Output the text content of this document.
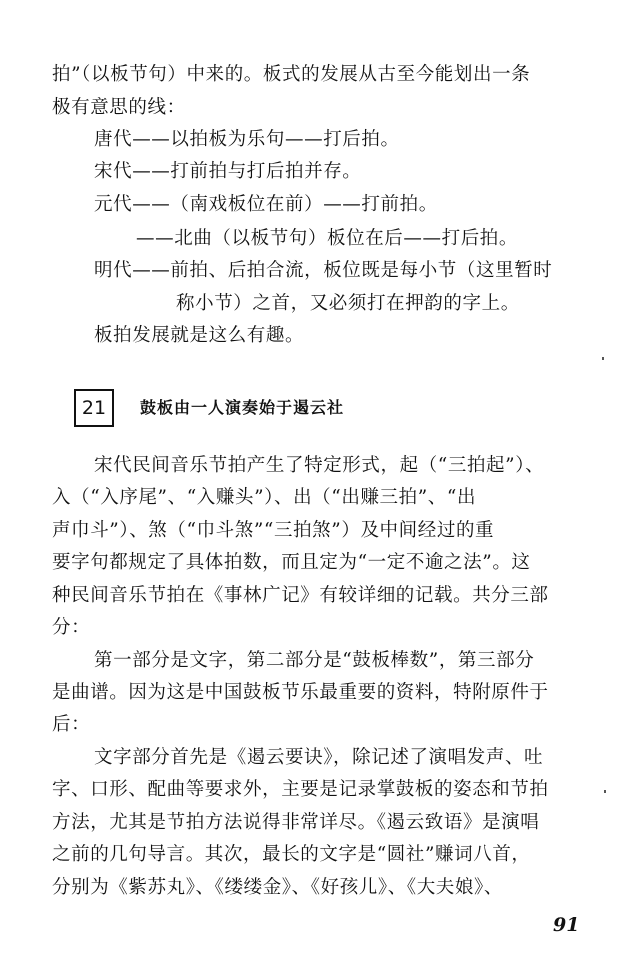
拍”（以板节句）中来的。板式的发展从古至今能划出一条
极有意思的线：
唐代——以拍板为乐句——打后拍。
宋代——打前拍与打后拍并存。
元代——（南戏板位在前）——打前拍。
——北曲（以板节句）板位在后——打后拍。
明代——前拍、后拍合流，板位既是每小节（这里暂时
称小节）之首，又必须打在押韵的字上。
板拍发展就是这么有趣。
21	鼓板由一人演奏始于遏云社
宋代民间音乐节拍产生了特定形式，起（“三拍起”）、
入（“入序尾”、“入赚头”）、出（“出赚三拍”、“出
声巾斗”）、煞（“巾斗煞”“三拍煞”）及中间经过的重
要字句都规定了具体拍数，而且定为“一定不逾之法”。这
种民间音乐节拍在《事林广记》有较详细的记载。共分三部
分：
第一部分是文字，第二部分是“鼓板棒数”，第三部分
是曲谱。因为这是中国鼓板节乐最重要的资料，特附原件于
后：
文字部分首先是《遏云要诀》，除记述了演唱发声、吐
字、口形、配曲等要求外，主要是记录掌鼓板的姿态和节拍
方法，尤其是节拍方法说得非常详尽。《遏云致语》是演唱
之前的几句导言。其次，最长的文字是“圆社”赚词八首，
分别为《紫苏丸》、《缕缕金》、《好孩儿》、《大夫娘》、
91
